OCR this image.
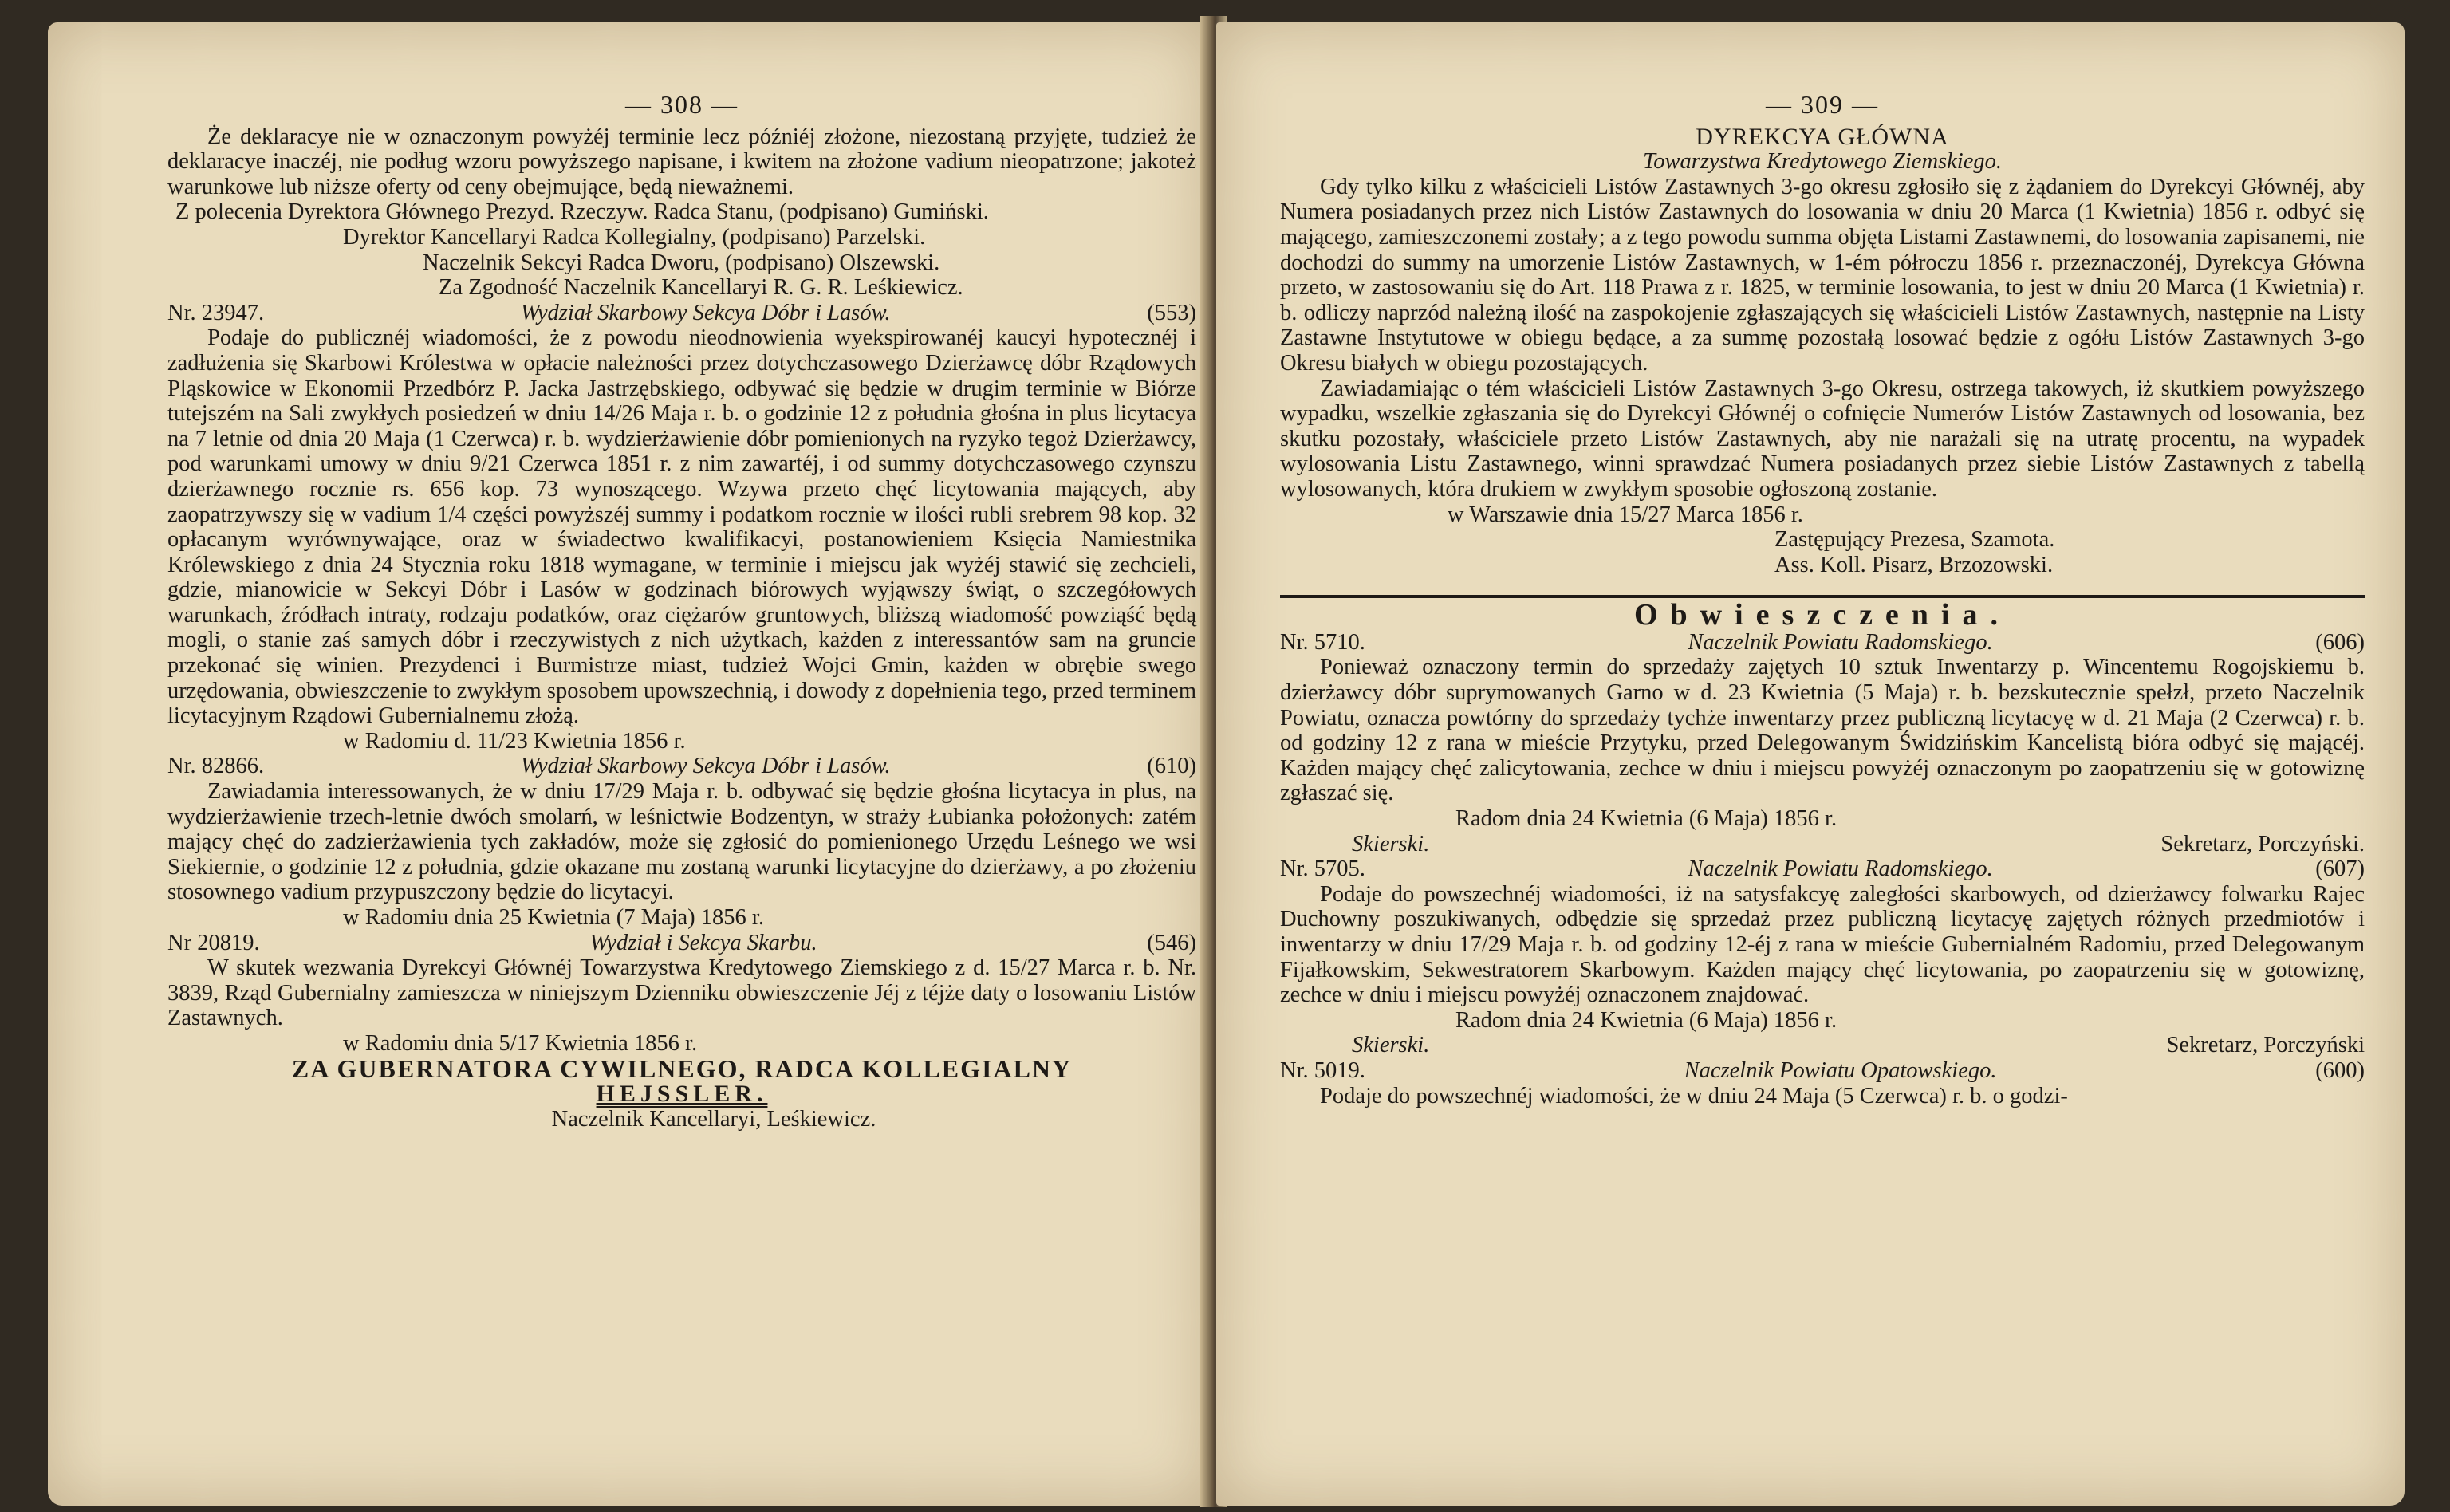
— 308 —

Że deklaracye nie w oznaczonym powyżéj terminie lecz późniéj złożone, niezostaną przyjęte, tudzież że deklaracye inaczéj, nie podług wzoru powyższego napisane, i kwitem na złożone vadium nieopatrzone; jakoteż warunkowe lub niższe oferty od ceny obejmujące, będą nieważnemi.

Z polecenia Dyrektora Głównego Prezyd. Rzeczyw. Radca Stanu, (podpisano) Gumiński.

Dyrektor Kancellaryi Radca Kollegialny, (podpisano) Parzelski.

Naczelnik Sekcyi Radca Dworu, (podpisano) Olszewski.

Za Zgodność Naczelnik Kancellaryi R. G. R. Leśkiewicz.

Nr. 23947.	Wydział Skarbowy Sekcya Dóbr i Lasów.	(553)

Podaje do publicznéj wiadomości, że z powodu nieodnowienia wyekspirowanéj kaucyi hypotecznéj i zadłużenia się Skarbowi Królestwa w opłacie należności przez dotychczasowego Dzierżawcę dóbr Rządowych Pląskowice w Ekonomii Przedbórz P. Jacka Jastrzębskiego, odbywać się będzie w drugim terminie w Biórze tutejszém na Sali zwykłych posiedzeń w dniu 14/26 Maja r. b. o godzinie 12 z południa głośna in plus licytacya na 7 letnie od dnia 20 Maja (1 Czerwca) r. b. wydzierżawienie dóbr pomienionych na ryzyko tegoż Dzierżawcy, pod warunkami umowy w dniu 9/21 Czerwca 1851 r. z nim zawartéj, i od summy dotychczasowego czynszu dzierżawnego rocznie rs. 656 kop. 73 wynoszącego. Wzywa przeto chęć licytowania mających, aby zaopatrzywszy się w vadium 1/4 części powyższéj summy i podatkom rocznie w ilości rubli srebrem 98 kop. 32 opłacanym wyrównywające, oraz w świadectwo kwalifikacyi, postanowieniem Księcia Namiestnika Królewskiego z dnia 24 Stycznia roku 1818 wymagane, w terminie i miejscu jak wyżéj stawić się zechcieli, gdzie, mianowicie w Sekcyi Dóbr i Lasów w godzinach biórowych wyjąwszy świąt, o szczegółowych warunkach, źródłach intraty, rodzaju podatków, oraz ciężarów gruntowych, bliższą wiadomość powziąść będą mogli, o stanie zaś samych dóbr i rzeczywistych z nich użytkach, każden z interessantów sam na gruncie przekonać się winien. Prezydenci i Burmistrze miast, tudzież Wojci Gmin, każden w obrębie swego urzędowania, obwieszczenie to zwykłym sposobem upowszechnią, i dowody z dopełnienia tego, przed terminem licytacyjnym Rządowi Gubernialnemu złożą.

w Radomiu d. 11/23 Kwietnia 1856 r.

Nr. 82866.	Wydział Skarbowy Sekcya Dóbr i Lasów.	(610)

Zawiadamia interessowanych, że w dniu 17/29 Maja r. b. odbywać się będzie głośna licytacya in plus, na wydzierżawienie trzech-letnie dwóch smolarń, w leśnictwie Bodzentyn, w straży Łubianka położonych: zatém mający chęć do zadzierżawienia tych zakładów, może się zgłosić do pomienionego Urzędu Leśnego we wsi Siekiernie, o godzinie 12 z południa, gdzie okazane mu zostaną warunki licytacyjne do dzierżawy, a po złożeniu stosownego vadium przypuszczony będzie do licytacyi.

w Radomiu dnia 25 Kwietnia (7 Maja) 1856 r.

Nr 20819.	Wydział i Sekcya Skarbu.	(546)

W skutek wezwania Dyrekcyi Głównéj Towarzystwa Kredytowego Ziemskiego z d. 15/27 Marca r. b. Nr. 3839, Rząd Gubernialny zamieszcza w niniejszym Dzienniku obwieszczenie Jéj z téjże daty o losowaniu Listów Zastawnych.

w Radomiu dnia 5/17 Kwietnia 1856 r.

ZA GUBERNATORA CYWILNEGO, RADCA KOLLEGIALNY

HEJSSLER.

Naczelnik Kancellaryi, Leśkiewicz.

— 309 —

DYREKCYA GŁÓWNA

Towarzystwa Kredytowego Ziemskiego.

Gdy tylko kilku z właścicieli Listów Zastawnych 3-go okresu zgłosiło się z żądaniem do Dyrekcyi Głównéj, aby Numera posiadanych przez nich Listów Zastawnych do losowania w dniu 20 Marca (1 Kwietnia) 1856 r. odbyć się mającego, zamieszczonemi zostały; a z tego powodu summa objęta Listami Zastawnemi, do losowania zapisanemi, nie dochodzi do summy na umorzenie Listów Zastawnych, w 1-ém półroczu 1856 r. przeznaczonéj, Dyrekcya Główna przeto, w zastosowaniu się do Art. 118 Prawa z r. 1825, w terminie losowania, to jest w dniu 20 Marca (1 Kwietnia) r. b. odliczy naprzód należną ilość na zaspokojenie zgłaszających się właścicieli Listów Zastawnych, następnie na Listy Zastawne Instytutowe w obiegu będące, a za summę pozostałą losować będzie z ogółu Listów Zastawnych 3-go Okresu białych w obiegu pozostających.

Zawiadamiając o tém właścicieli Listów Zastawnych 3-go Okresu, ostrzega takowych, iż skutkiem powyższego wypadku, wszelkie zgłaszania się do Dyrekcyi Głównéj o cofnięcie Numerów Listów Zastawnych od losowania, bez skutku pozostały, właściciele przeto Listów Zastawnych, aby nie narażali się na utratę procentu, na wypadek wylosowania Listu Zastawnego, winni sprawdzać Numera posiadanych przez siebie Listów Zastawnych z tabellą wylosowanych, która drukiem w zwykłym sposobie ogłoszoną zostanie.

w Warszawie dnia 15/27 Marca 1856 r.

Zastępujący Prezesa, Szamota.

Ass. Koll. Pisarz, Brzozowski.

Obwieszczenia.
Nr. 5710.	Naczelnik Powiatu Radomskiego.	(606)

Ponieważ oznaczony termin do sprzedaży zajętych 10 sztuk Inwentarzy p. Wincentemu Rogojskiemu b. dzierżawcy dóbr suprymowanych Garno w d. 23 Kwietnia (5 Maja) r. b. bezskutecznie spełzł, przeto Naczelnik Powiatu, oznacza powtórny do sprzedaży tychże inwentarzy przez publiczną licytacyę w d. 21 Maja (2 Czerwca) r. b. od godziny 12 z rana w mieście Przytyku, przed Delegowanym Świdzińskim Kancelistą bióra odbyć się mającéj. Każden mający chęć zalicytowania, zechce w dniu i miejscu powyżéj oznaczonym po zaopatrzeniu się w gotowiznę zgłaszać się.

Radom dnia 24 Kwietnia (6 Maja) 1856 r.

Skierski.	Sekretarz, Porczyński.
Nr. 5705.	Naczelnik Powiatu Radomskiego.	(607)

Podaje do powszechnéj wiadomości, iż na satysfakcyę zaległości skarbowych, od dzierżawcy folwarku Rajec Duchowny poszukiwanych, odbędzie się sprzedaż przez publiczną licytacyę zajętych różnych przedmiotów i inwentarzy w dniu 17/29 Maja r. b. od godziny 12-éj z rana w mieście Gubernialném Radomiu, przed Delegowanym Fijałkowskim, Sekwestratorem Skarbowym. Każden mający chęć licytowania, po zaopatrzeniu się w gotowiznę, zechce w dniu i miejscu powyżéj oznaczonem znajdować.

Radom dnia 24 Kwietnia (6 Maja) 1856 r.

Skierski.	Sekretarz, Porczyński
Nr. 5019.	Naczelnik Powiatu Opatowskiego.	(600)

Podaje do powszechnéj wiadomości, że w dniu 24 Maja (5 Czerwca) r. b. o godzi-
